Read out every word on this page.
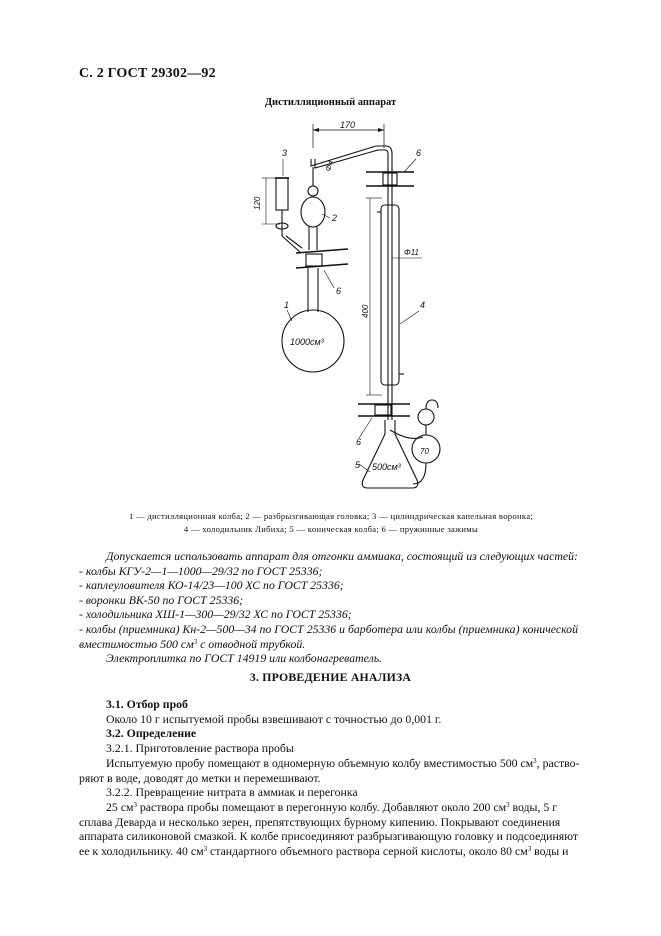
С. 2 ГОСТ 29302—92
Дистилляционный аппарат
170
Φ4
3
120
2
6
1000см³
1
6
400
Φ11
4
6
500см³
5
70
1 — дистилляционная колба; 2 — разбрызгивающая головка; 3 — цилиндрическая капельная воронка;
4 — холодильник Либиха; 5 — коническая колба; 6 — пружинные зажимы
Допускается использовать аппарат для отгонки аммиака, состоящий из следующих частей:
- колбы КГУ-2—1—1000—29/32 по ГОСТ 25336;
- каплеуловителя КО-14/23—100 ХС по ГОСТ 25336;
- воронки ВК-50 по ГОСТ 25336;
- холодильника ХШ-1—300—29/32 ХС по ГОСТ 25336;
- колбы (приемника) Кн-2—500—34 по ГОСТ 25336 и барботера или колбы (приемника) конической
вместимостью 500 $см^3$ с отводной трубкой.
Электроплитка по ГОСТ 14919 или колбонагреватель.
3. ПРОВЕДЕНИЕ АНАЛИЗА
3.1. Отбор проб
Около 10 г испытуемой пробы взвешивают с точностью до 0,001 г.
3.2. Определение
3.2.1. Приготовление раствора пробы
Испытуемую пробу помещают в одномерную объемную колбу вместимостью 500 $см^3$, раство-
ряют в воде, доводят до метки и перемешивают.
3.2.2. Превращение нитрата в аммиак и перегонка
25 $см^3$ раствора пробы помещают в перегонную колбу. Добавляют около 200 $см^3$ воды, 5 г
сплава Деварда и несколько зерен, препятствующих бурному кипению. Покрывают соединения
аппарата силиконовой смазкой. К колбе присоединяют разбрызгивающую головку и подсоединяют
ее к холодильнику. 40 $см^3$ стандартного объемного раствора серной кислоты, около 80 $см^3$ воды и
